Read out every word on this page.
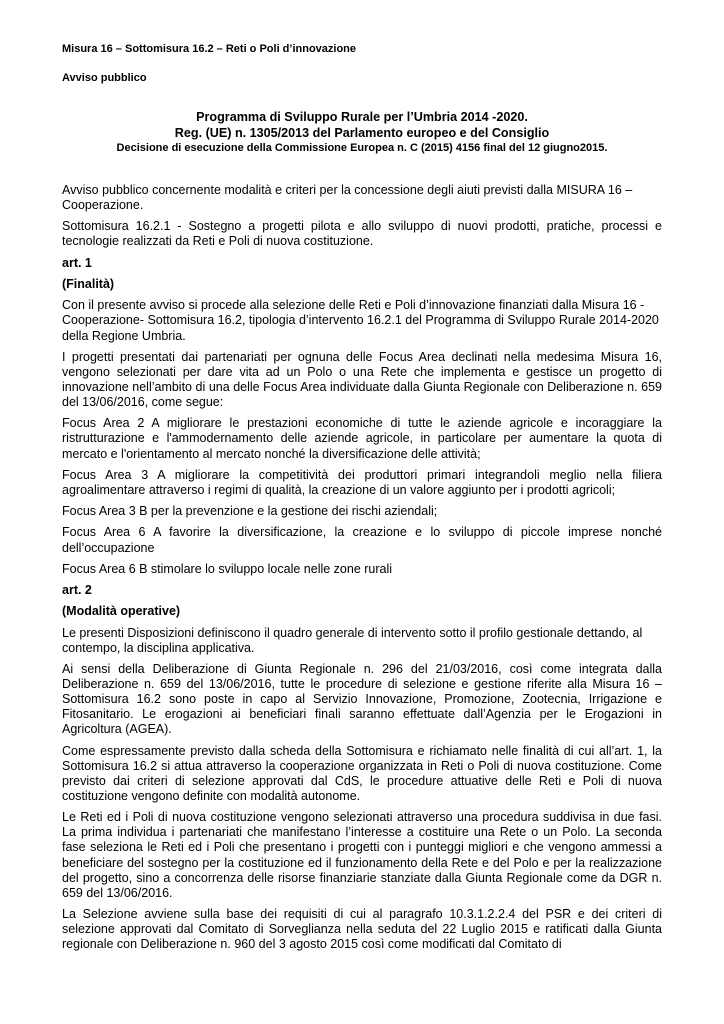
Misura 16 – Sottomisura 16.2 – Reti o Poli d’innovazione
Avviso pubblico
Programma di Sviluppo Rurale per l’Umbria 2014 -2020.
Reg. (UE) n. 1305/2013 del Parlamento europeo e del Consiglio
Decisione di esecuzione della Commissione Europea n. C (2015) 4156 final del 12 giugno2015.

Avviso pubblico concernente modalità e criteri per la concessione degli aiuti previsti dalla MISURA 16 – Cooperazione.

Sottomisura 16.2.1 - Sostegno a progetti pilota e allo sviluppo di nuovi prodotti, pratiche, processi e tecnologie realizzati da Reti e Poli di nuova costituzione.

art. 1

(Finalità)

Con il presente avviso si procede alla selezione delle Reti e Poli d’innovazione finanziati dalla Misura 16 - Cooperazione- Sottomisura 16.2, tipologia d’intervento 16.2.1 del Programma di Sviluppo Rurale 2014-2020 della Regione Umbria.

I progetti presentati dai partenariati per ognuna delle Focus Area declinati nella medesima Misura 16, vengono selezionati per dare vita ad un Polo o una Rete che implementa e gestisce un progetto di innovazione nell’ambito di una delle Focus Area individuate dalla Giunta Regionale con Deliberazione n. 659 del 13/06/2016, come segue:

Focus Area 2 A migliorare le prestazioni economiche di tutte le aziende agricole e incoraggiare la ristrutturazione e l'ammodernamento delle aziende agricole, in particolare per aumentare la quota di mercato e l'orientamento al mercato nonché la diversificazione delle attività;

Focus Area 3 A migliorare la competitività dei produttori primari integrandoli meglio nella filiera agroalimentare attraverso i regimi di qualità, la creazione di un valore aggiunto per i prodotti agricoli;

Focus Area 3 B per la prevenzione e la gestione dei rischi aziendali;

Focus Area 6 A favorire la diversificazione, la creazione e lo sviluppo di piccole imprese nonché dell’occupazione

Focus Area 6 B stimolare lo sviluppo locale nelle zone rurali

art. 2

(Modalità operative)

Le presenti Disposizioni definiscono il quadro generale di intervento sotto il profilo gestionale dettando, al contempo, la disciplina applicativa.

Ai sensi della Deliberazione di Giunta Regionale n. 296 del 21/03/2016, così come integrata dalla Deliberazione n. 659 del 13/06/2016, tutte le procedure di selezione e gestione riferite alla Misura 16 – Sottomisura 16.2 sono poste in capo al Servizio Innovazione, Promozione, Zootecnia, Irrigazione e Fitosanitario. Le erogazioni ai beneficiari finali saranno effettuate dall’Agenzia per le Erogazioni in Agricoltura (AGEA).

Come espressamente previsto dalla scheda della Sottomisura e richiamato nelle finalità di cui all’art. 1, la Sottomisura 16.2 si attua attraverso la cooperazione organizzata in Reti o Poli di nuova costituzione. Come previsto dai criteri di selezione approvati dal CdS, le procedure attuative delle Reti e Poli di nuova costituzione vengono definite con modalità autonome.

Le Reti ed i Poli di nuova costituzione vengono selezionati attraverso una procedura suddivisa in due fasi. La prima individua i partenariati che manifestano l’interesse a costituire una Rete o un Polo. La seconda fase seleziona le Reti ed i Poli che presentano i progetti con i punteggi migliori e che vengono ammessi a beneficiare del sostegno per la costituzione ed il funzionamento della Rete e del Polo e per la realizzazione del progetto, sino a concorrenza delle risorse finanziarie stanziate dalla Giunta Regionale come da DGR n. 659 del 13/06/2016.

La Selezione avviene sulla base dei requisiti di cui al paragrafo 10.3.1.2.2.4 del PSR e dei criteri di selezione approvati dal Comitato di Sorveglianza nella seduta del 22 Luglio 2015 e ratificati dalla Giunta regionale con Deliberazione n. 960 del 3 agosto 2015 così come modificati dal Comitato di
